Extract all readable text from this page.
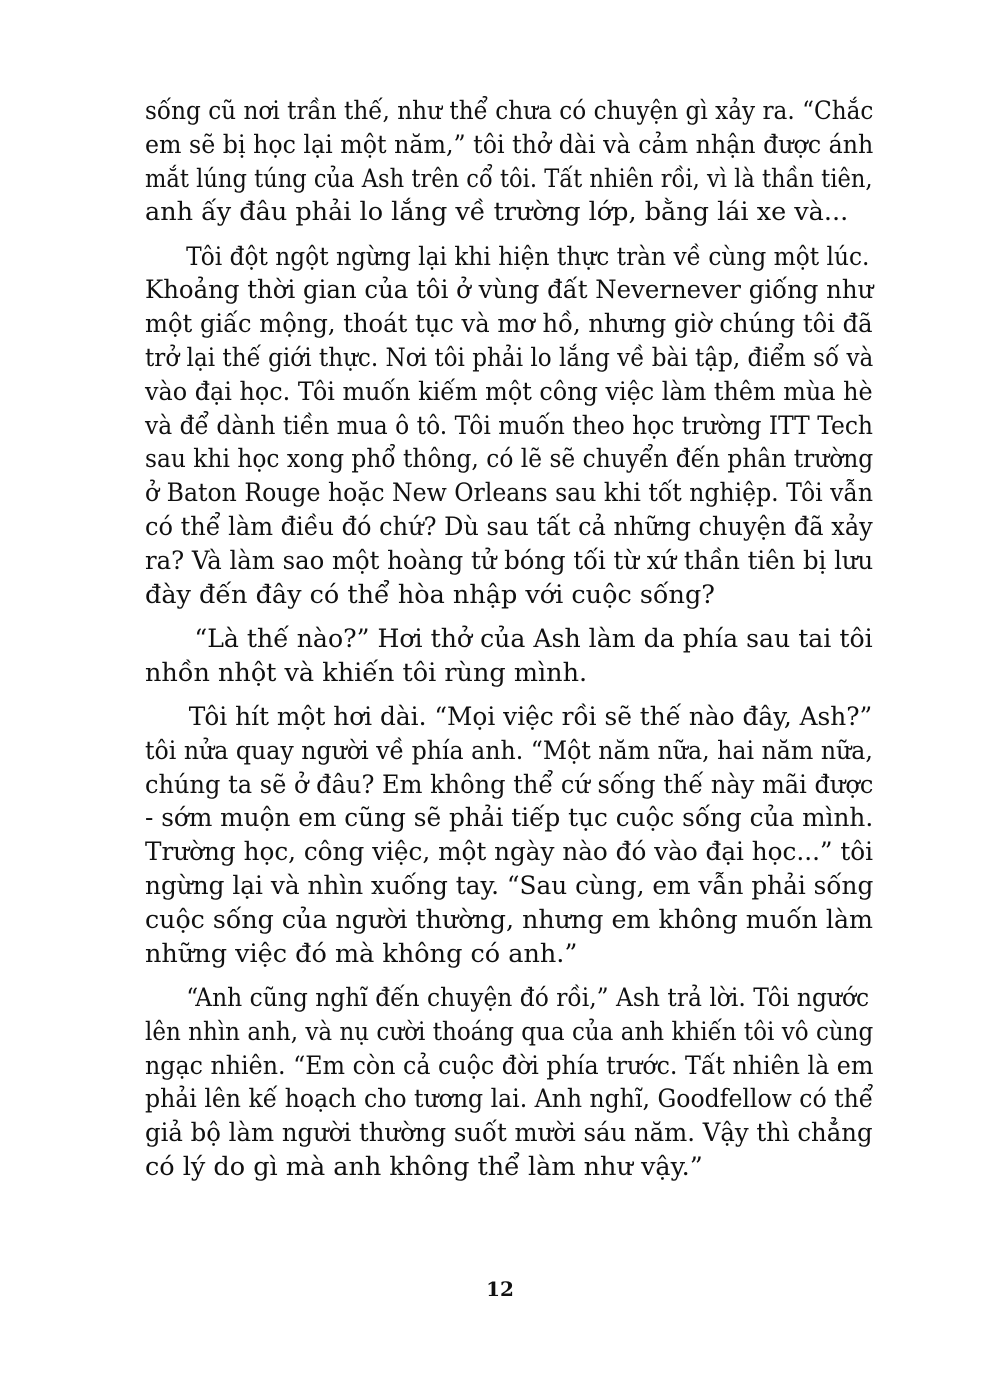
sống cũ nơi trần thế, như thể chưa có chuyện gì xảy ra. “Chắc
em sẽ bị học lại một năm,” tôi thở dài và cảm nhận được ánh
mắt lúng túng của Ash trên cổ tôi. Tất nhiên rồi, vì là thần tiên,
anh ấy đâu phải lo lắng về trường lớp, bằng lái xe và...
Tôi đột ngột ngừng lại khi hiện thực tràn về cùng một lúc.
Khoảng thời gian của tôi ở vùng đất Nevernever giống như
một giấc mộng, thoát tục và mơ hồ, nhưng giờ chúng tôi đã
trở lại thế giới thực. Nơi tôi phải lo lắng về bài tập, điểm số và
vào đại học. Tôi muốn kiếm một công việc làm thêm mùa hè
và để dành tiền mua ô tô. Tôi muốn theo học trường ITT Tech
sau khi học xong phổ thông, có lẽ sẽ chuyển đến phân trường
ở Baton Rouge hoặc New Orleans sau khi tốt nghiệp. Tôi vẫn
có thể làm điều đó chứ? Dù sau tất cả những chuyện đã xảy
ra? Và làm sao một hoàng tử bóng tối từ xứ thần tiên bị lưu
đày đến đây có thể hòa nhập với cuộc sống?
“Là thế nào?” Hơi thở của Ash làm da phía sau tai tôi
nhồn nhột và khiến tôi rùng mình.
Tôi hít một hơi dài. “Mọi việc rồi sẽ thế nào đây, Ash?”
tôi nửa quay người về phía anh. “Một năm nữa, hai năm nữa,
chúng ta sẽ ở đâu? Em không thể cứ sống thế này mãi được
- sớm muộn em cũng sẽ phải tiếp tục cuộc sống của mình.
Trường học, công việc, một ngày nào đó vào đại học...” tôi
ngừng lại và nhìn xuống tay. “Sau cùng, em vẫn phải sống
cuộc sống của người thường, nhưng em không muốn làm
những việc đó mà không có anh.”
“Anh cũng nghĩ đến chuyện đó rồi,” Ash trả lời. Tôi ngước
lên nhìn anh, và nụ cười thoáng qua của anh khiến tôi vô cùng
ngạc nhiên. “Em còn cả cuộc đời phía trước. Tất nhiên là em
phải lên kế hoạch cho tương lai. Anh nghĩ, Goodfellow có thể
giả bộ làm người thường suốt mười sáu năm. Vậy thì chẳng
có lý do gì mà anh không thể làm như vậy.”
12
